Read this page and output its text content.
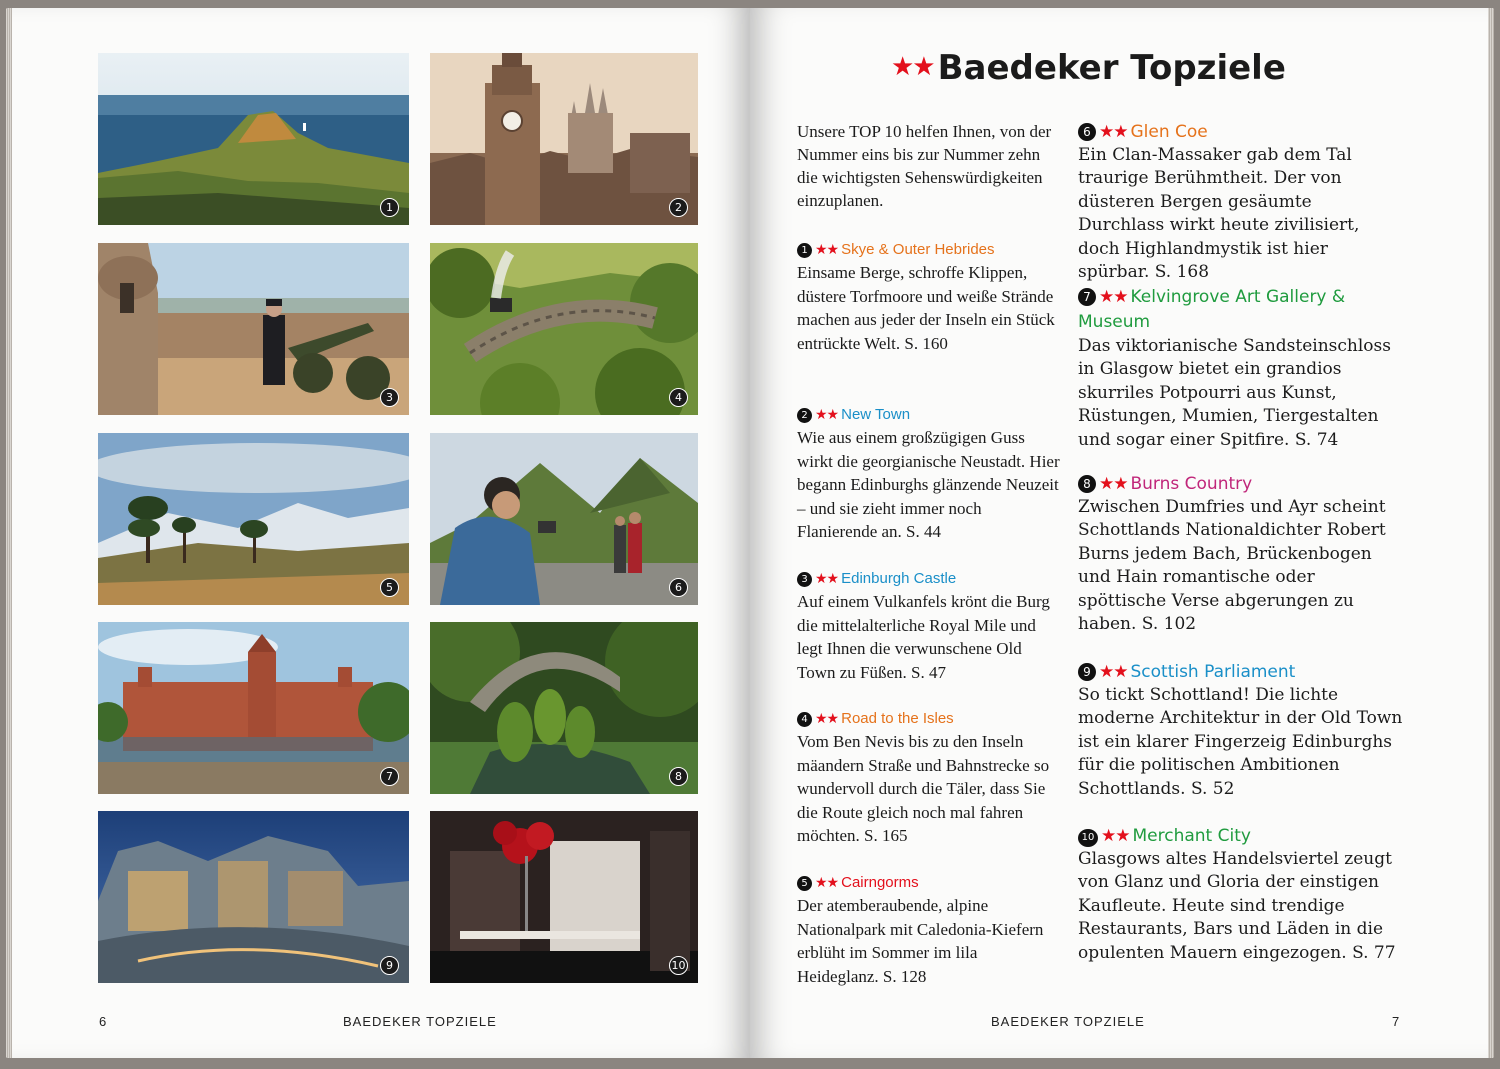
1	2
3	4
5	6
7	8
9	10
6	BAEDEKER TOPZIELE
★★ Baedeker Topziele
Unsere TOP 10 helfen Ihnen, von der Nummer eins bis zur Nummer zehn die wichtigsten Sehenswürdigkeiten einzuplanen.
1 ★★ Skye & Outer Hebrides
Einsame Berge, schroffe Klippen, düstere Torfmoore und weiße Strände machen aus jeder der Inseln ein Stück entrückte Welt. S. 160
2 ★★ New Town
Wie aus einem großzügigen Guss wirkt die georgianische Neustadt. Hier begann Edinburghs glänzende Neuzeit – und sie zieht immer noch Flanierende an. S. 44
3 ★★ Edinburgh Castle
Auf einem Vulkanfels krönt die Burg die mittelalterliche Royal Mile und legt Ihnen die verwunschene Old Town zu Füßen. S. 47
4 ★★ Road to the Isles
Vom Ben Nevis bis zu den Inseln mäandern Straße und Bahnstrecke so wundervoll durch die Täler, dass Sie die Route gleich noch mal fahren möchten. S. 165
5 ★★ Cairngorms
Der atemberaubende, alpine Nationalpark mit Caledonia-Kiefern erblüht im Sommer im lila Heidеglanz. S. 128
6 ★★ Glen Coe
Ein Clan-Massaker gab dem Tal traurige Berühmtheit. Der von düsteren Bergen gesäumte Durchlass wirkt heute zivilisiert, doch Highlandmystik ist hier spürbar. S. 168
7 ★★ Kelvingrove Art Gallery & Museum
Das viktorianische Sandsteinschloss in Glasgow bietet ein grandios skurriles Potpourri aus Kunst, Rüstungen, Mumien, Tiergestalten und sogar einer Spitfire. S. 74
8 ★★ Burns Country
Zwischen Dumfries und Ayr scheint Schottlands Nationaldichter Robert Burns jedem Bach, Brückenbogen und Hain romantische oder spöttische Verse abgerungen zu haben. S. 102
9 ★★ Scottish Parliament
So tickt Schottland! Die lichte moderne Architektur in der Old Town ist ein klarer Fingerzeig Edinburghs für die politischen Ambitionen Schottlands. S. 52
10 ★★ Merchant City
Glasgows altes Handelsviertel zeugt von Glanz und Gloria der einstigen Kaufleute. Heute sind trendige Restaurants, Bars und Läden in die opulenten Mauern eingezogen. S. 77
BAEDEKER TOPZIELE	7
